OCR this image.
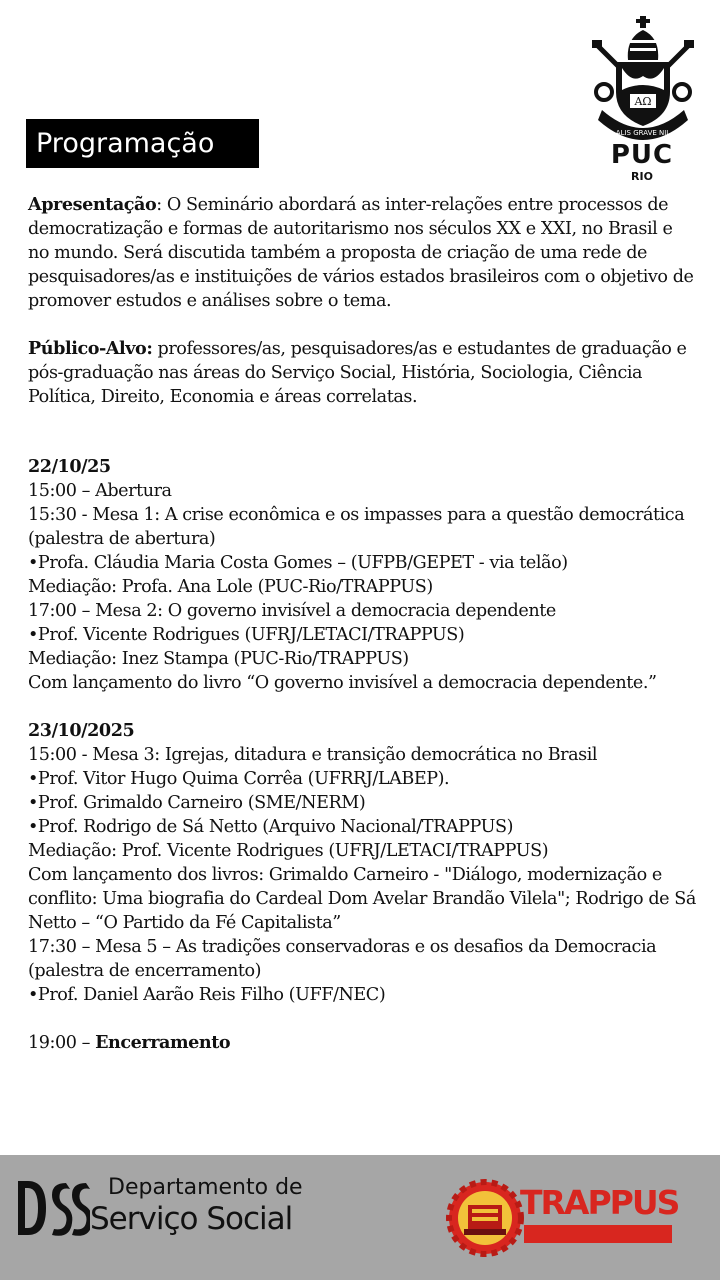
Programação
AΩ
ALIS GRAVE NIL
PUC
RIO

Apresentação: O Seminário abordará as inter-relações entre processos de democratização e formas de autoritarismo nos séculos XX e XXI, no Brasil e no mundo. Será discutida também a proposta de criação de uma rede de pesquisadores/as e instituições de vários estados brasileiros com o objetivo de promover estudos e análises sobre o tema.

Público-Alvo: professores/as, pesquisadores/as e estudantes de graduação e pós-graduação nas áreas do Serviço Social, História, Sociologia, Ciência Política, Direito, Economia e áreas correlatas.

22/10/25

15:00 – Abertura

15:30 - Mesa 1: A crise econômica e os impasses para a questão democrática (palestra de abertura)

•Profa. Cláudia Maria Costa Gomes – (UFPB/GEPET - via telão)

Mediação: Profa. Ana Lole (PUC-Rio/TRAPPUS)

17:00 – Mesa 2: O governo invisível a democracia dependente

•Prof. Vicente Rodrigues (UFRJ/LETACI/TRAPPUS)

Mediação: Inez Stampa (PUC-Rio/TRAPPUS)

Com lançamento do livro “O governo invisível a democracia dependente.”

23/10/2025

15:00 - Mesa 3: Igrejas, ditadura e transição democrática no Brasil

•Prof. Vitor Hugo Quima Corrêa (UFRRJ/LABEP).

•Prof. Grimaldo Carneiro (SME/NERM)

•Prof. Rodrigo de Sá Netto (Arquivo Nacional/TRAPPUS)

Mediação: Prof. Vicente Rodrigues (UFRJ/LETACI/TRAPPUS)

Com lançamento dos livros: Grimaldo Carneiro - "Diálogo, modernização e conflito: Uma biografia do Cardeal Dom Avelar Brandão Vilela"; Rodrigo de Sá Netto – “O Partido da Fé Capitalista”

17:30 – Mesa 5 – As tradições conservadoras e os desafios da Democracia (palestra de encerramento)

•Prof. Daniel Aarão Reis Filho (UFF/NEC)

19:00 – Encerramento

Departamento de
Serviço Social	TRAPPUS
